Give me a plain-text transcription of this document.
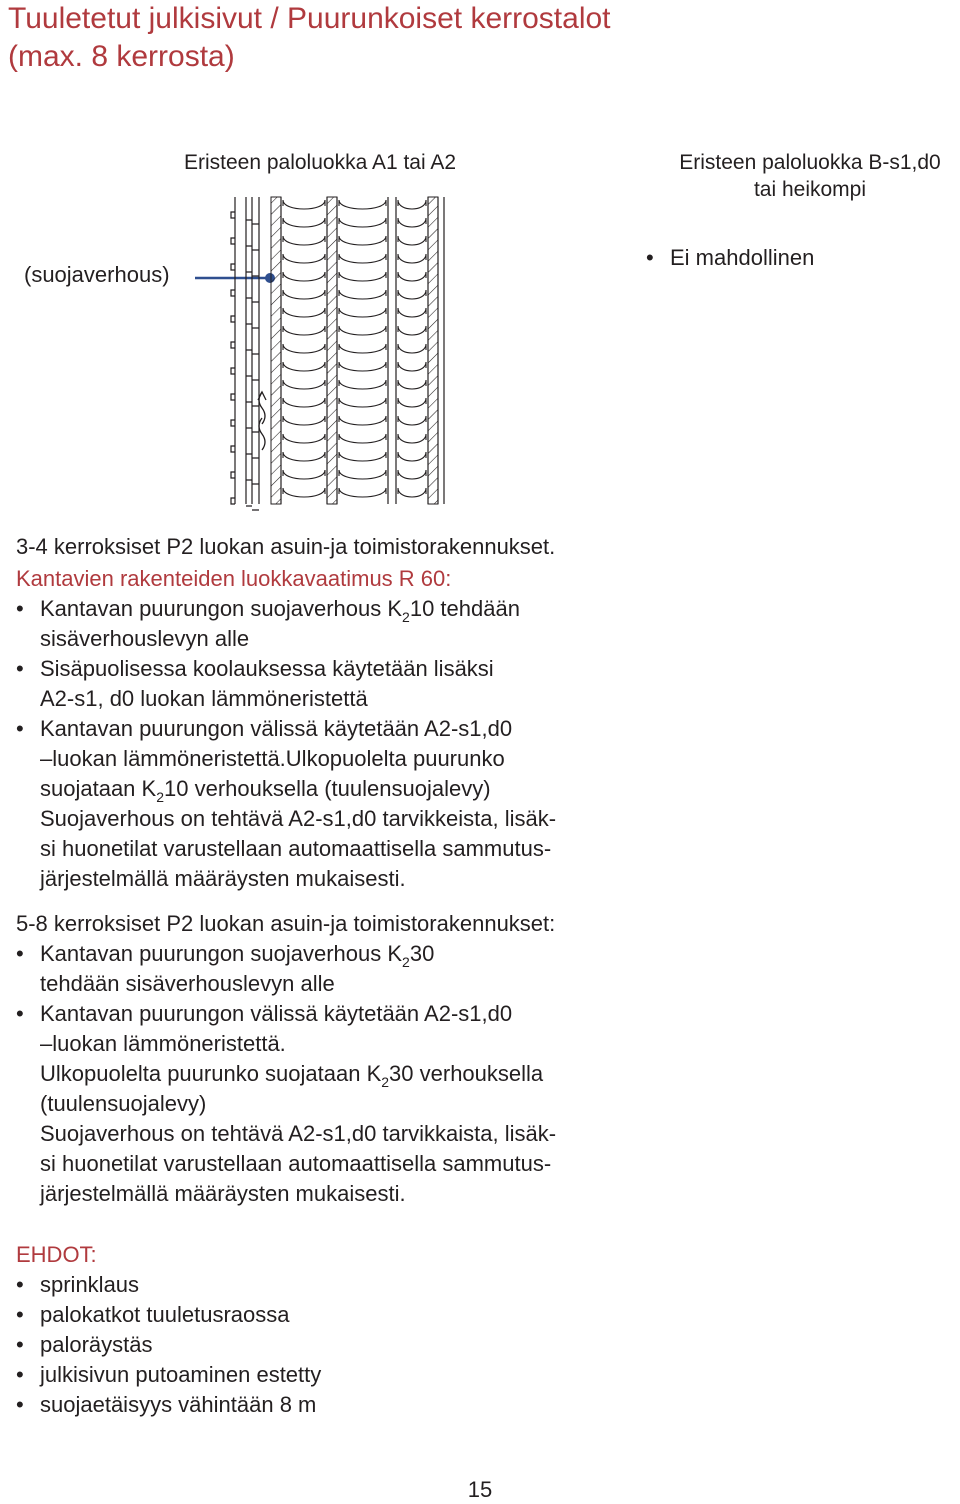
Tuuletetut julkisivut / Puurunkoiset kerrostalot
(max. 8 kerrosta)
Eristeen paloluokka A1 tai A2	Eristeen paloluokka B-s1,d0
tai heikompi
(suojaverhous)
• Ei mahdollinen
3-4 kerroksiset P2 luokan asuin-ja toimistorakennukset.
Kantavien rakenteiden luokkavaatimus R 60:
• Kantavan puurungon suojaverhous $K_210$ tehdään
sisäverhouslevyn alle
• Sisäpuolisessa koolauksessa käytetään lisäksi
A2-s1, d0 luokan lämmöneristettä
• Kantavan puurungon välissä käytetään A2-s1,d0
–luokan lämmöneristettä.Ulkopuolelta puurunko
suojataan $K_210$ verhouksella (tuulensuojalevy)
Suojaverhous on tehtävä A2-s1,d0 tarvikkeista, lisäk-
si huonetilat varustellaan automaattisella sammutus-
järjestelmällä määräysten mukaisesti.
5-8 kerroksiset P2 luokan asuin-ja toimistorakennukset:
• Kantavan puurungon suojaverhous $K_230$
tehdään sisäverhouslevyn alle
• Kantavan puurungon välissä käytetään A2-s1,d0
–luokan lämmöneristettä.
Ulkopuolelta puurunko suojataan $K_230$ verhouksella
(tuulensuojalevy)
Suojaverhous on tehtävä A2-s1,d0 tarvikkaista, lisäk-
si huonetilat varustellaan automaattisella sammutus-
järjestelmällä määräysten mukaisesti.
EHDOT:
• sprinklaus
• palokatkot tuuletusraossa
• paloräystäs
• julkisivun putoaminen estetty
• suojaetäisyys vähintään 8 m
15
